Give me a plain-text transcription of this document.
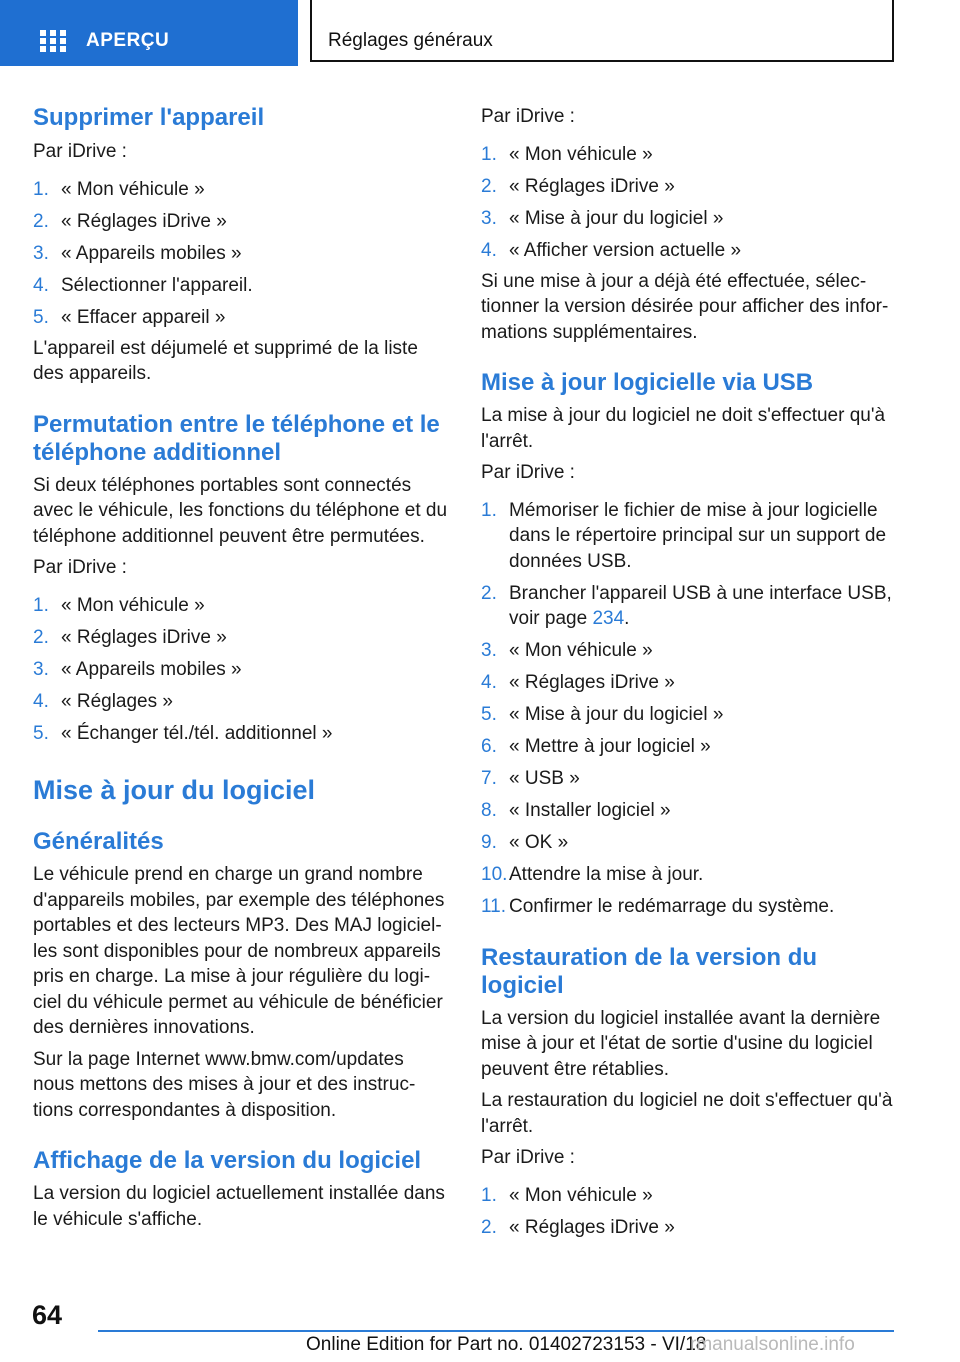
APERÇU	Réglages généraux
Supprimer l'appareil

Par iDrive :

1. « Mon véhicule »
2. « Réglages iDrive »
3. « Appareils mobiles »
4. Sélectionner l'appareil.
5. « Effacer appareil »

L'appareil est déjumelé et supprimé de la liste
des appareils.

Permutation entre le téléphone et le
téléphone additionnel

Si deux téléphones portables sont connectés
avec le véhicule, les fonctions du téléphone et du
téléphone additionnel peuvent être permutées.

Par iDrive :

1. « Mon véhicule »
2. « Réglages iDrive »
3. « Appareils mobiles »
4. « Réglages »
5. « Échanger tél./tél. additionnel »
Mise à jour du logiciel
Généralités

Le véhicule prend en charge un grand nombre
d'appareils mobiles, par exemple des téléphones
portables et des lecteurs MP3. Des MAJ logiciel-
les sont disponibles pour de nombreux appareils
pris en charge. La mise à jour régulière du logi-
ciel du véhicule permet au véhicule de bénéficier
des dernières innovations.

Sur la page Internet www.bmw.com/updates
nous mettons des mises à jour et des instruc-
tions correspondantes à disposition.

Affichage de la version du logiciel

La version du logiciel actuellement installée dans
le véhicule s'affiche.

Par iDrive :

1. « Mon véhicule »
2. « Réglages iDrive »
3. « Mise à jour du logiciel »
4. « Afficher version actuelle »

Si une mise à jour a déjà été effectuée, sélec-
tionner la version désirée pour afficher des infor-
mations supplémentaires.

Mise à jour logicielle via USB

La mise à jour du logiciel ne doit s'effectuer qu'à
l'arrêt.

Par iDrive :

1. Mémoriser le fichier de mise à jour logicielle
dans le répertoire principal sur un support de
données USB.
2. Brancher l'appareil USB à une interface USB,
voir page 234.
3. « Mon véhicule »
4. « Réglages iDrive »
5. « Mise à jour du logiciel »
6. « Mettre à jour logiciel »
7. « USB »
8. « Installer logiciel »
9. « OK »
10. Attendre la mise à jour.
11. Confirmer le redémarrage du système.
Restauration de la version du
logiciel

La version du logiciel installée avant la dernière
mise à jour et l'état de sortie d'usine du logiciel
peuvent être rétablies.

La restauration du logiciel ne doit s'effectuer qu'à
l'arrêt.

Par iDrive :

1. « Mon véhicule »
2. « Réglages iDrive »
64
Online Edition for Part no. 01402723153 - VI/18
rmanualsonline.info
